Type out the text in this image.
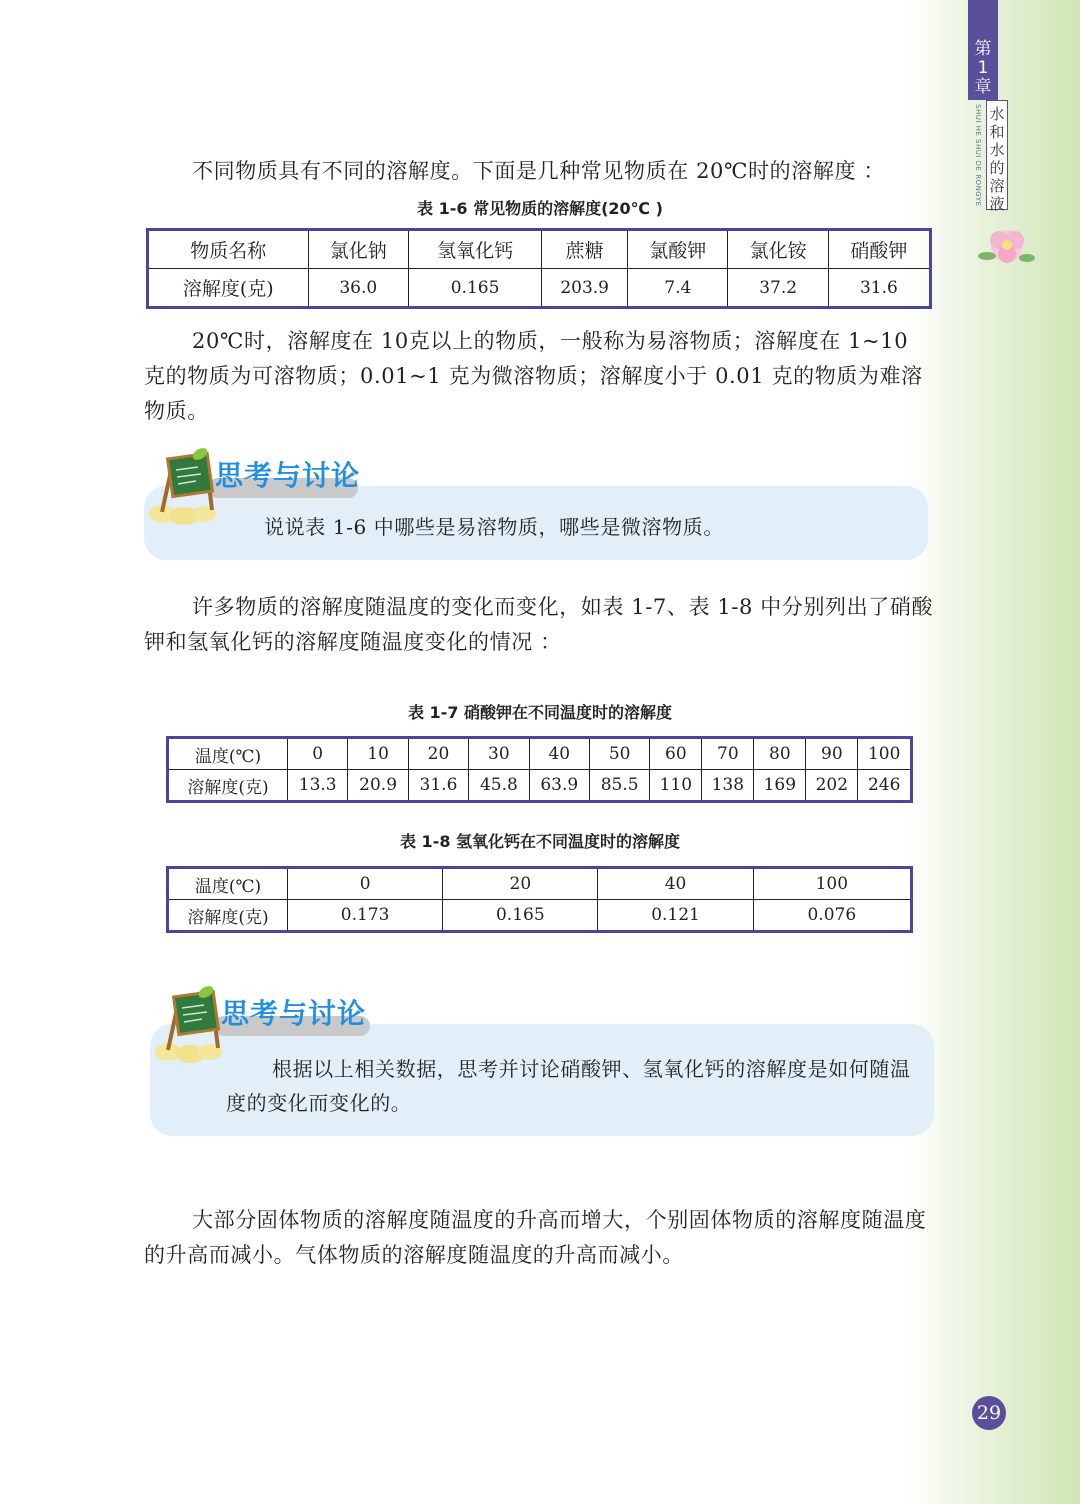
第
1
章
SHUI HE SHUI DE RONGYE 水
和
水
的
溶
液
不同物质具有不同的溶解度。下面是几种常见物质在 20℃时的溶解度 ：
表 1-6 常见物质的溶解度(20℃ )
物质名称	氯化钠	氢氧化钙	蔗糖	氯酸钾	氯化铵	硝酸钾
溶解度(克)	36.0	0.165	203.9	7.4	37.2	31.6
20℃时，溶解度在 10克以上的物质，一般称为易溶物质；溶解度在 1~10 克的物质为可溶物质；0.01~1 克为微溶物质；溶解度小于 0.01 克的物质为难溶物质。
思考与讨论
说说表 1-6 中哪些是易溶物质，哪些是微溶物质。
许多物质的溶解度随温度的变化而变化，如表 1-7、表 1-8 中分别列出了硝酸钾和氢氧化钙的溶解度随温度变化的情况 ：
表 1-7 硝酸钾在不同温度时的溶解度
温度(℃)	0	10	20	30	40	50	60	70	80	90	100
溶解度(克)	13.3	20.9	31.6	45.8	63.9	85.5	110	138	169	202	246
表 1-8 氢氧化钙在不同温度时的溶解度
温度(℃)	0	20	40	100
溶解度(克)	0.173	0.165	0.121	0.076
思考与讨论
根据以上相关数据，思考并讨论硝酸钾、氢氧化钙的溶解度是如何随温度的变化而变化的。
大部分固体物质的溶解度随温度的升高而增大，个别固体物质的溶解度随温度的升高而减小。气体物质的溶解度随温度的升高而减小。
29
